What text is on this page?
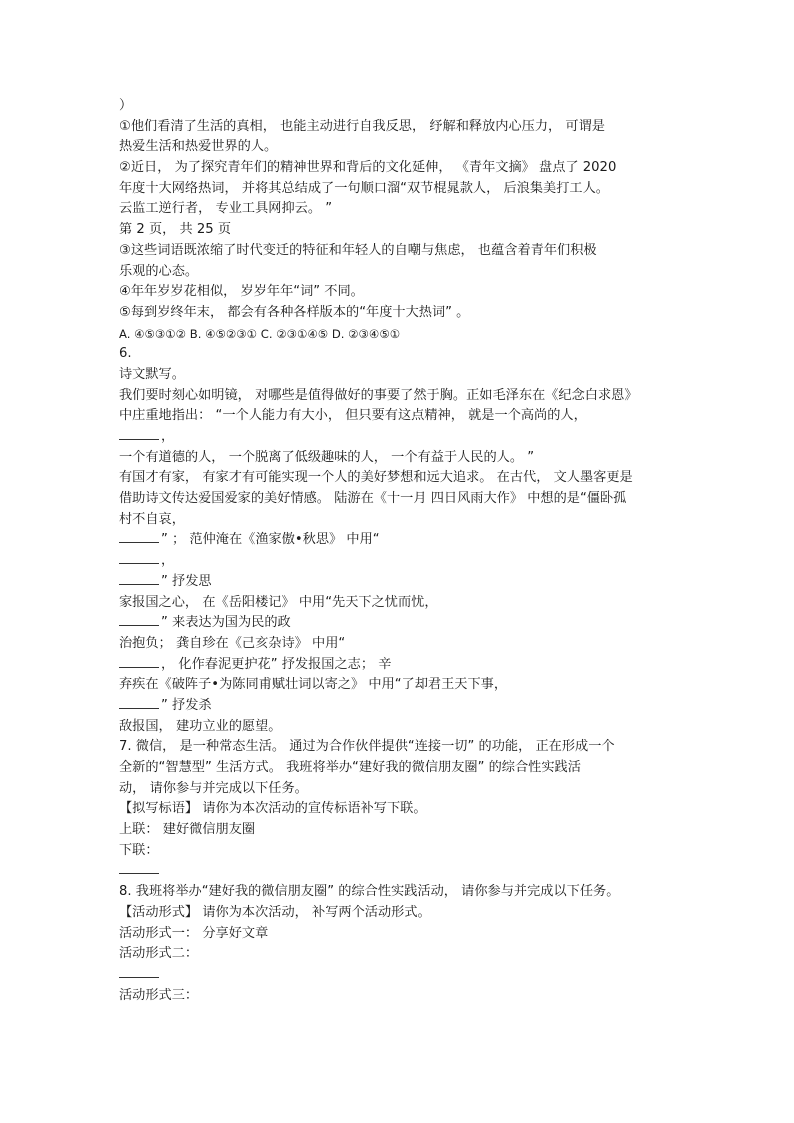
）
①他们看清了生活的真相， 也能主动进行自我反思， 纾解和释放内心压力， 可谓是
热爱生活和热爱世界的人。
②近日， 为了探究青年们的精神世界和背后的文化延伸， 《青年文摘》 盘点了 2020
年度十大网络热词， 并将其总结成了一句顺口溜“双节棍晁款人， 后浪集美打工人。
云监工逆行者， 专业工具网抑云。 ”
第 2 页， 共 25 页
③这些词语既浓缩了时代变迁的特征和年轻人的自嘲与焦虑， 也蕴含着青年们积极
乐观的心态。
④年年岁岁花相似， 岁岁年年“词” 不同。
⑤每到岁终年末， 都会有各种各样版本的“年度十大热词” 。
A. ④⑤③①② B. ④⑤②③① C. ②③①④⑤ D. ②③④⑤①
6.
诗文默写。
我们要时刻心如明镜， 对哪些是值得做好的事要了然于胸。正如毛泽东在《纪念白求恩》
中庄重地指出： “一个人能力有大小， 但只要有这点精神， 就是一个高尚的人，
，
一个有道德的人， 一个脱离了低级趣味的人， 一个有益于人民的人。 ”
有国才有家， 有家才有可能实现一个人的美好梦想和远大追求。 在古代， 文人墨客更是
借助诗文传达爱国爱家的美好情感。 陆游在《十一月 四日风雨大作》 中想的是“僵卧孤
村不自哀，
” ； 范仲淹在《渔家傲•秋思》 中用“
，
” 抒发思
家报国之心， 在《岳阳楼记》 中用“先天下之忧而忧，
” 来表达为国为民的政
治抱负； 龚自珍在《己亥杂诗》 中用“
， 化作春泥更护花” 抒发报国之志； 辛
弃疾在《破阵子•为陈同甫赋壮词以寄之》 中用“了却君王天下事，
” 抒发杀
敌报国， 建功立业的愿望。
7. 微信， 是一种常态生活。 通过为合作伙伴提供“连接一切” 的功能， 正在形成一个
全新的“智慧型” 生活方式。 我班将举办“建好我的微信朋友圈” 的综合性实践活
动， 请你参与并完成以下任务。
【拟写标语】 请你为本次活动的宣传标语补写下联。
上联： 建好微信朋友圈
下联：
8. 我班将举办“建好我的微信朋友圈” 的综合性实践活动， 请你参与并完成以下任务。
【活动形式】 请你为本次活动， 补写两个活动形式。
活动形式一： 分享好文章
活动形式二：
活动形式三：
